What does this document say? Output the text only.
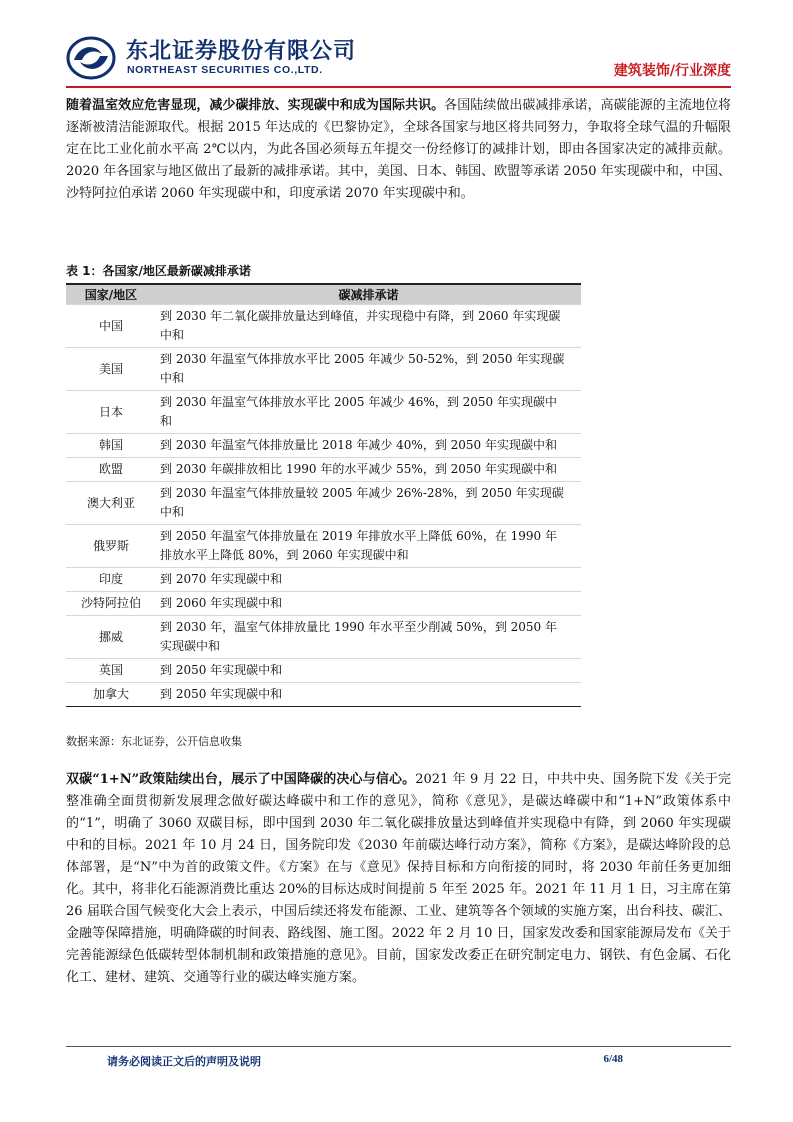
东北证券股份有限公司
NORTHEAST SECURITIES CO.,LTD.	建筑装饰/行业深度
随着温室效应危害显现，减少碳排放、实现碳中和成为国际共识。各国陆续做出碳减排承诺，高碳能源的主流地位将逐渐被清洁能源取代。根据 2015 年达成的《巴黎协定》，全球各国家与地区将共同努力，争取将全球气温的升幅限定在比工业化前水平高 2℃以内，为此各国必须每五年提交一份经修订的减排计划，即由各国家决定的减排贡献。2020 年各国家与地区做出了最新的减排承诺。其中，美国、日本、韩国、欧盟等承诺 2050 年实现碳中和，中国、沙特阿拉伯承诺 2060 年实现碳中和，印度承诺 2070 年实现碳中和。
表 1：各国家/地区最新碳减排承诺
国家/地区	碳减排承诺
中国	到 2030 年二氧化碳排放量达到峰值，并实现稳中有降，到 2060 年实现碳中和
美国	到 2030 年温室气体排放水平比 2005 年减少 50-52%，到 2050 年实现碳中和
日本	到 2030 年温室气体排放水平比 2005 年减少 46%，到 2050 年实现碳中和
韩国	到 2030 年温室气体排放量比 2018 年减少 40%，到 2050 年实现碳中和
欧盟	到 2030 年碳排放相比 1990 年的水平减少 55%，到 2050 年实现碳中和
澳大利亚	到 2030 年温室气体排放量较 2005 年减少 26%-28%，到 2050 年实现碳中和
俄罗斯	到 2050 年温室气体排放量在 2019 年排放水平上降低 60%，在 1990 年排放水平上降低 80%，到 2060 年实现碳中和
印度	到 2070 年实现碳中和
沙特阿拉伯	到 2060 年实现碳中和
挪威	到 2030 年，温室气体排放量比 1990 年水平至少削减 50%，到 2050 年实现碳中和
英国	到 2050 年实现碳中和
加拿大	到 2050 年实现碳中和
数据来源：东北证券，公开信息收集
双碳“1+N”政策陆续出台，展示了中国降碳的决心与信心。2021 年 9 月 22 日，中共中央、国务院下发《关于完整准确全面贯彻新发展理念做好碳达峰碳中和工作的意见》，简称《意见》，是碳达峰碳中和“1+N”政策体系中的“1”，明确了 3060 双碳目标，即中国到 2030 年二氧化碳排放量达到峰值并实现稳中有降，到 2060 年实现碳中和的目标。2021 年 10 月 24 日，国务院印发《2030 年前碳达峰行动方案》，简称《方案》，是碳达峰阶段的总体部署，是“N”中为首的政策文件。《方案》在与《意见》保持目标和方向衔接的同时，将 2030 年前任务更加细化。其中，将非化石能源消费比重达 20%的目标达成时间提前 5 年至 2025 年。2021 年 11 月 1 日，习主席在第 26 届联合国气候变化大会上表示，中国后续还将发布能源、工业、建筑等各个领域的实施方案，出台科技、碳汇、金融等保障措施，明确降碳的时间表、路线图、施工图。2022 年 2 月 10 日，国家发改委和国家能源局发布《关于完善能源绿色低碳转型体制机制和政策措施的意见》。目前，国家发改委正在研究制定电力、钢铁、有色金属、石化化工、建材、建筑、交通等行业的碳达峰实施方案。
请务必阅读正文后的声明及说明	6/48
